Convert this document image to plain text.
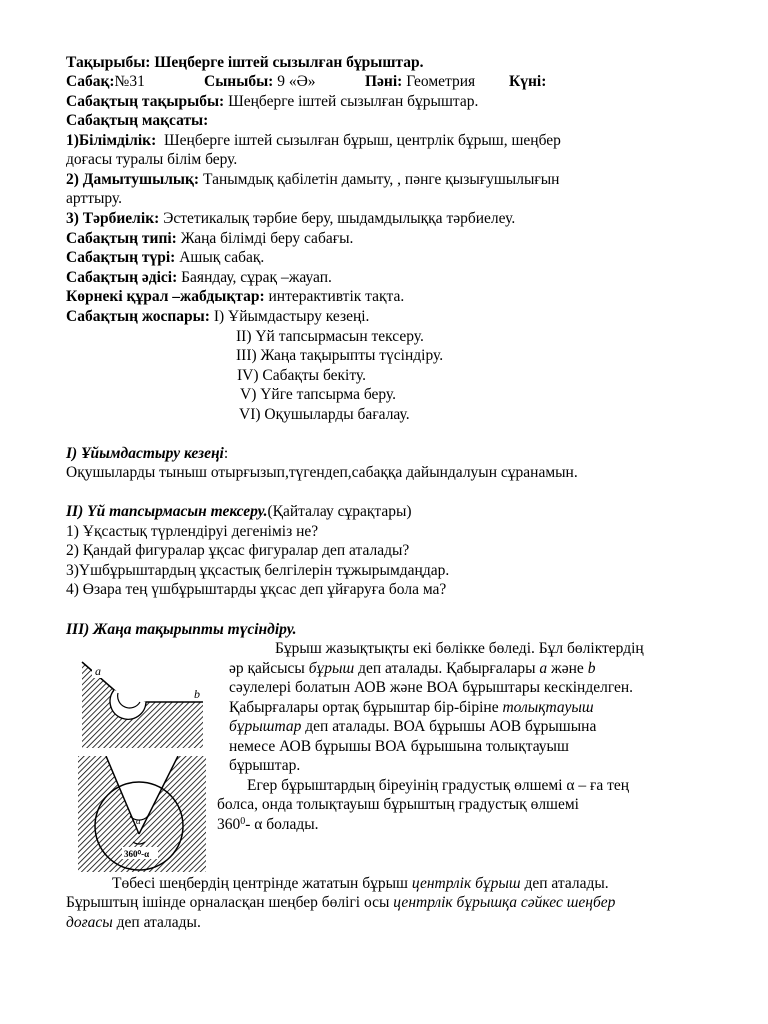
Тақырыбы: Шеңберге іштей сызылған бұрыштар.
Сабақ:№31	Сыныбы: 9 «Ә»	Пәні: Геометрия Күні:
Сабақтың тақырыбы: Шеңберге іштей сызылған бұрыштар.
Сабақтың мақсаты:
1)Білімділік: Шеңберге іштей сызылған бұрыш, центрлік бұрыш, шеңбер
доғасы туралы білім беру.
2) Дамытушылық: Танымдық қабілетін дамыту, , пәнге қызығушылығын
арттыру.
3) Тәрбиелік: Эстетикалық тәрбие беру, шыдамдылыққа тәрбиелеу.
Сабақтың типі: Жаңа білімді беру сабағы.
Сабақтың түрі: Ашық сабақ.
Сабақтың әдісі: Баяндау, сұрақ –жауап.
Көрнекі құрал –жабдықтар: интерактивтік тақта.
Сабақтың жоспары: I) Ұйымдастыру кезеңі.
II) Үй тапсырмасын тексеру.
III) Жаңа тақырыпты түсіндіру.
IV) Сабақты бекіту.
V) Үйге тапсырма беру.
VI) Оқушыларды бағалау.
I) Ұйымдастыру кезеңі:
Оқушыларды тыныш отырғызып,түгендеп,сабаққа дайындалуын сұранамын.
II) Үй тапсырмасын тексеру.(Қайталау сұрақтары)
1) Ұқсастық түрлендіруі дегеніміз не?
2) Қандай фигуралар ұқсас фигуралар деп аталады?
3)Үшбұрыштардың ұқсастық белгілерін тұжырымдаңдар.
4) Өзара тең үшбұрыштарды ұқсас деп ұйғаруға бола ма?
III) Жаңа тақырыпты түсіндіру.
Бұрыш жазықтықты екі бөлікке бөледі. Бұл бөліктердің
әр қайсысы бұрыш деп аталады. Қабырғалары a және b
сәулелері болатын АОВ және ВОА бұрыштары кескінделген.
Қабырғалары ортақ бұрыштар бір-біріне толықтауыш
бұрыштар деп аталады. ВОА бұрышы АОВ бұрышына
немесе АОВ бұрышы ВОА бұрышына толықтауыш
бұрыштар.
Егер бұрыштардың біреуінің градустық өлшемі α – ға тең
болса, онда толықтауыш бұрыштың градустық өлшемі
$360^0-$ α болады.
Төбесі шеңбердің центрінде жататын бұрыш центрлік бұрыш деп аталады.
Бұрыштың ішінде орналасқан шеңбер бөлігі осы центрлік бұрышқа сәйкес шеңбер
доғасы деп аталады.
a
b
α
360⁰-α
